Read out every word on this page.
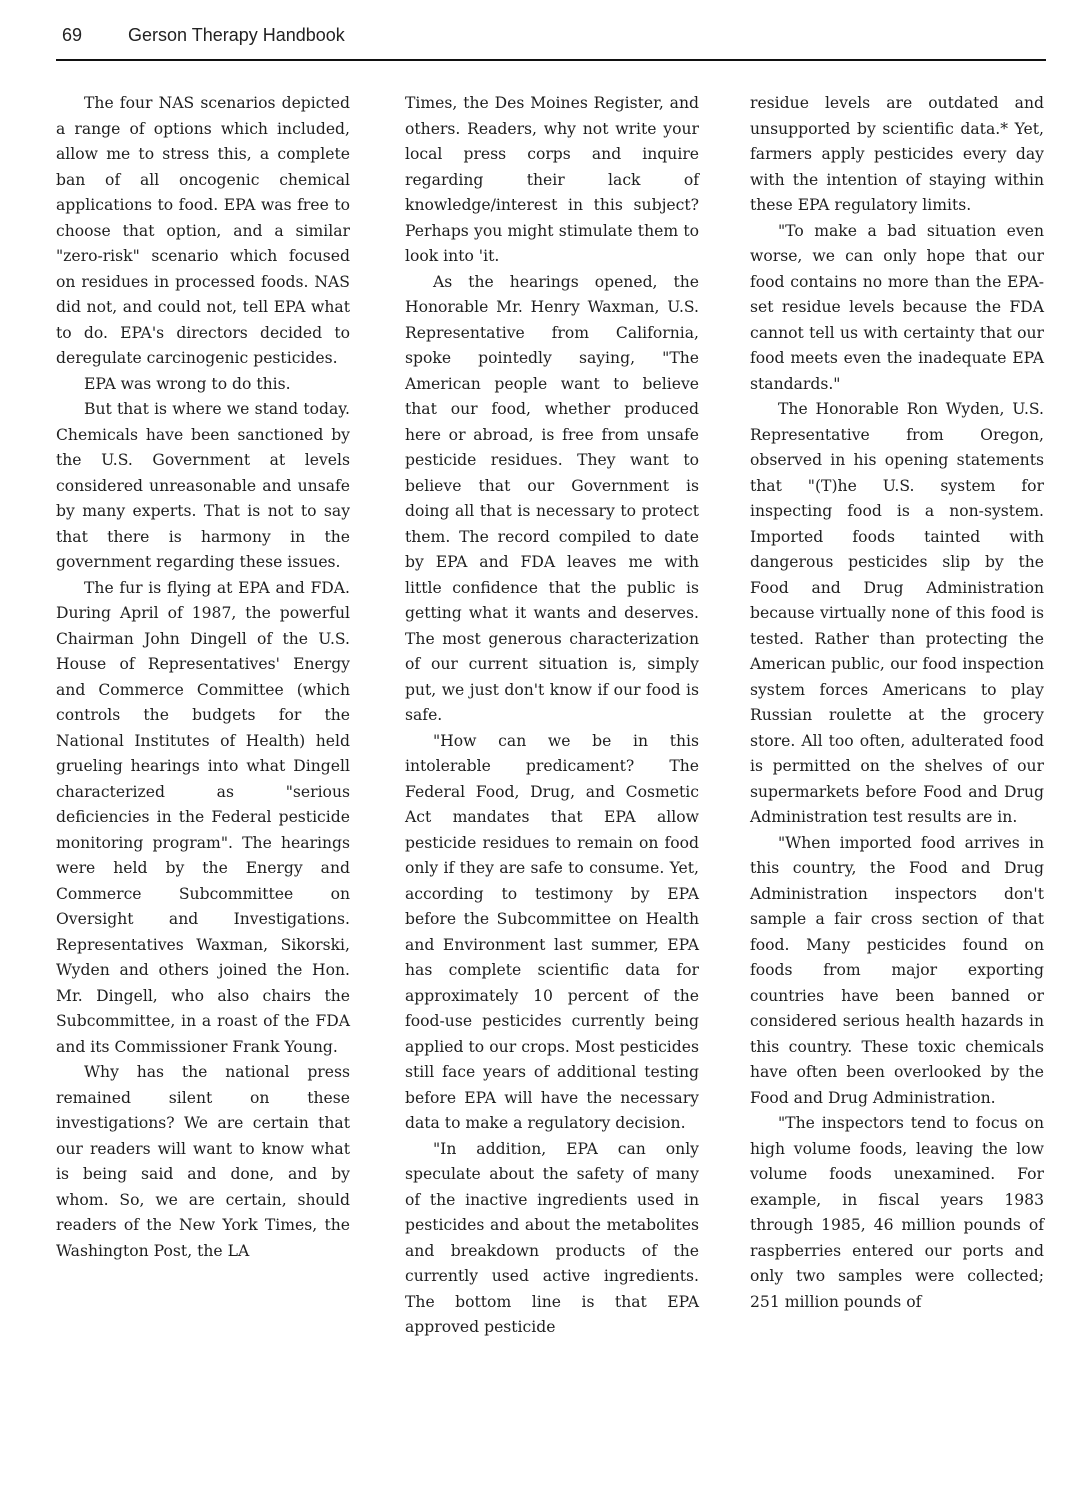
69	Gerson Therapy Handbook

The four NAS scenarios depicted a range of options which included, allow me to stress this, a complete ban of all oncogenic chemical applications to food. EPA was free to choose that option, and a similar "zero-risk" scenario which focused on residues in processed foods. NAS did not, and could not, tell EPA what to do. EPA's directors decided to deregulate carcinogenic pesticides.

EPA was wrong to do this.

But that is where we stand today. Chemicals have been sanctioned by the U.S. Government at levels considered unreasonable and unsafe by many experts. That is not to say that there is harmony in the government regarding these issues.

The fur is flying at EPA and FDA. During April of 1987, the powerful Chairman John Dingell of the U.S. House of Representatives' Energy and Commerce Committee (which controls the budgets for the National Institutes of Health) held grueling hearings into what Dingell characterized as "serious deficiencies in the Federal pesticide monitoring program". The hearings were held by the Energy and Commerce Subcommittee on Oversight and Investigations. Representatives Waxman, Sikorski, Wyden and others joined the Hon. Mr. Dingell, who also chairs the Subcommittee, in a roast of the FDA and its Commissioner Frank Young.

Why has the national press remained silent on these investigations? We are certain that our readers will want to know what is being said and done, and by whom. So, we are certain, should readers of the New York Times, the Washington Post, the LA

Times, the Des Moines Register, and others. Readers, why not write your local press corps and inquire regarding their lack of knowledge/interest in this subject? Perhaps you might stimulate them to look into 'it.

As the hearings opened, the Honorable Mr. Henry Waxman, U.S. Representative from California, spoke pointedly saying, "The American people want to believe that our food, whether produced here or abroad, is free from unsafe pesticide residues. They want to believe that our Government is doing all that is necessary to protect them. The record compiled to date by EPA and FDA leaves me with little confidence that the public is getting what it wants and deserves. The most generous characterization of our current situation is, simply put, we just don't know if our food is safe.

"How can we be in this intolerable predicament? The Federal Food, Drug, and Cosmetic Act mandates that EPA allow pesticide residues to remain on food only if they are safe to consume. Yet, according to testimony by EPA before the Subcommittee on Health and Environment last summer, EPA has complete scientific data for approximately 10 percent of the food-use pesticides currently being applied to our crops. Most pesticides still face years of additional testing before EPA will have the necessary data to make a regulatory decision.

"In addition, EPA can only speculate about the safety of many of the inactive ingredients used in pesticides and about the metabolites and breakdown products of the currently used active ingredients. The bottom line is that EPA approved pesticide

residue levels are outdated and unsupported by scientific data.* Yet, farmers apply pesticides every day with the intention of staying within these EPA regulatory limits.

"To make a bad situation even worse, we can only hope that our food contains no more than the EPA-set residue levels because the FDA cannot tell us with certainty that our food meets even the inadequate EPA standards."

The Honorable Ron Wyden, U.S. Representative from Oregon, observed in his opening statements that "(T)he U.S. system for inspecting food is a non-system. Imported foods tainted with dangerous pesticides slip by the Food and Drug Administration because virtually none of this food is tested. Rather than protecting the American public, our food inspection system forces Americans to play Russian roulette at the grocery store. All too often, adulterated food is permitted on the shelves of our supermarkets before Food and Drug Administration test results are in.

"When imported food arrives in this country, the Food and Drug Administration inspectors don't sample a fair cross section of that food. Many pesticides found on foods from major exporting countries have been banned or considered serious health hazards in this country. These toxic chemicals have often been overlooked by the Food and Drug Administration.

"The inspectors tend to focus on high volume foods, leaving the low volume foods unexamined. For example, in fiscal years 1983 through 1985, 46 million pounds of raspberries entered our ports and only two samples were collected; 251 million pounds of
